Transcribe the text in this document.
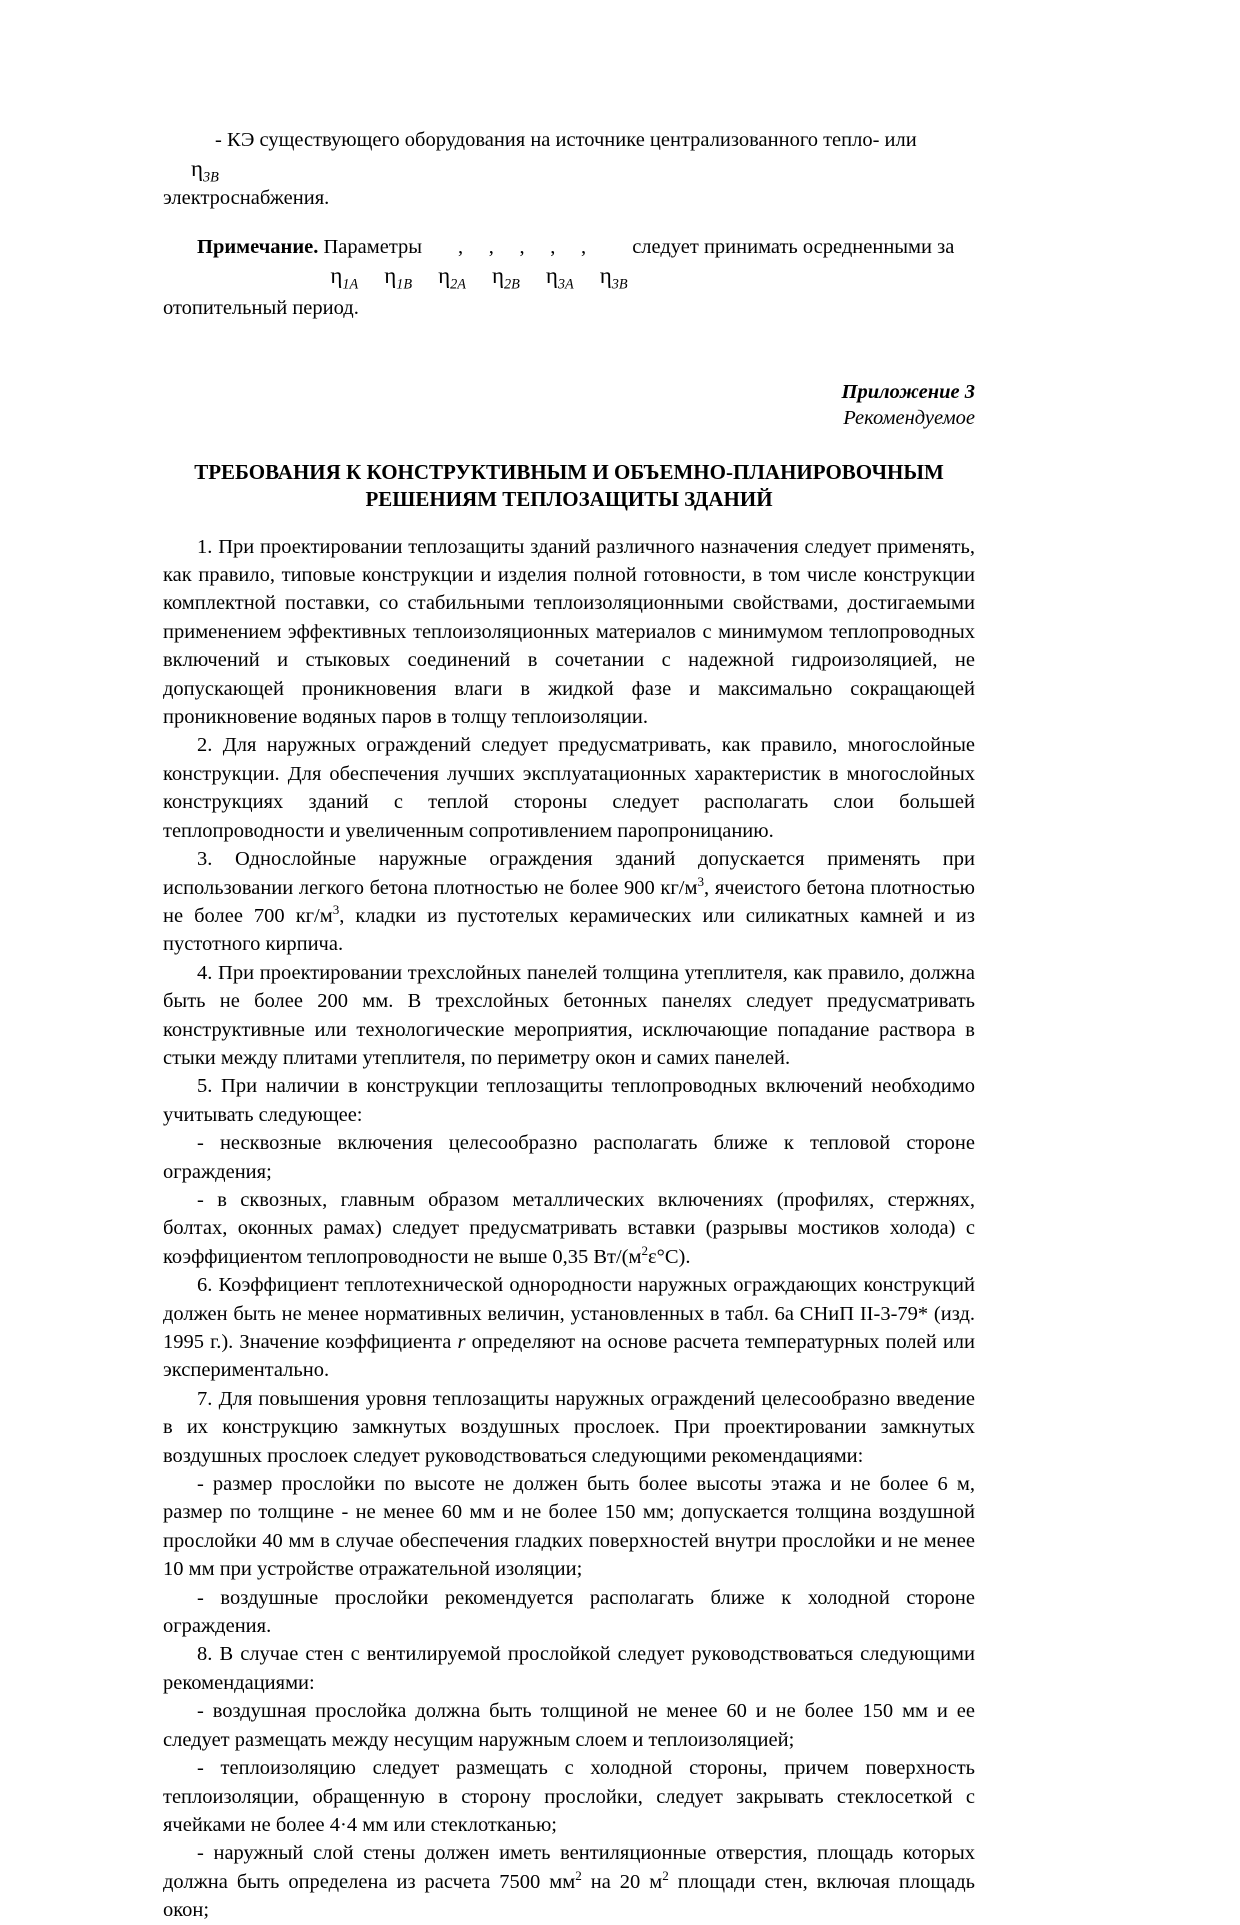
- КЭ существующего оборудования на источнике централизованного тепло- или

$\eta_{3В}$

электроснабжения.

Примечание. Параметры       ,     ,     ,     ,     ,         следует принимать осредненными за

$\eta_{1А}$ $\eta_{1В}$ $\eta_{2А}$ $\eta_{2В}$ $\eta_{3А}$ $\eta_{3В}$

отопительный период.

Приложение 3

Рекомендуемое

ТРЕБОВАНИЯ К КОНСТРУКТИВНЫМ И ОБЪЕМНО-ПЛАНИРОВОЧНЫМ

РЕШЕНИЯМ ТЕПЛОЗАЩИТЫ ЗДАНИЙ

1. При проектировании теплозащиты зданий различного назначения следует применять, как правило, типовые конструкции и изделия полной готовности, в том числе конструкции комплектной поставки, со стабильными теплоизоляционными свойствами, достигаемыми применением эффективных теплоизоляционных материалов с минимумом теплопроводных включений и стыковых соединений в сочетании с надежной гидроизоляцией, не допускающей проникновения влаги в жидкой фазе и максимально сокращающей проникновение водяных паров в толщу теплоизоляции.

2. Для наружных ограждений следует предусматривать, как правило, многослойные конструкции. Для обеспечения лучших эксплуатационных характеристик в многослойных конструкциях зданий с теплой стороны следует располагать слои большей теплопроводности и увеличенным сопротивлением паропроницанию.

3. Однослойные наружные ограждения зданий допускается применять при использовании легкого бетона плотностью не более 900 $кг/м^3$, ячеистого бетона плотностью не более 700 $кг/м^3$, кладки из пустотелых керамических или силикатных камней и из пустотного кирпича.

4. При проектировании трехслойных панелей толщина утеплителя, как правило, должна быть не более 200 мм. В трехслойных бетонных панелях следует предусматривать конструктивные или технологические мероприятия, исключающие попадание раствора в стыки между плитами утеплителя, по периметру окон и самих панелей.

5. При наличии в конструкции теплозащиты теплопроводных включений необходимо учитывать следующее:

- несквозные включения целесообразно располагать ближе к тепловой стороне ограждения;

- в сквозных, главным образом металлических включениях (профилях, стержнях, болтах, оконных рамах) следует предусматривать вставки (разрывы мостиков холода) с коэффициентом теплопроводности не выше 0,35 $Вт/(м^2\varepsilon^\circ С)$.

6. Коэффициент теплотехнической однородности наружных ограждающих конструкций должен быть не менее нормативных величин, установленных в табл. 6а СНиП II-3-79* (изд. 1995 г.). Значение коэффициента r определяют на основе расчета температурных полей или экспериментально.

7. Для повышения уровня теплозащиты наружных ограждений целесообразно введение в их конструкцию замкнутых воздушных прослоек. При проектировании замкнутых воздушных прослоек следует руководствоваться следующими рекомендациями:

- размер прослойки по высоте не должен быть более высоты этажа и не более 6 м, размер по толщине - не менее 60 мм и не более 150 мм; допускается толщина воздушной прослойки 40 мм в случае обеспечения гладких поверхностей внутри прослойки и не менее 10 мм при устройстве отражательной изоляции;

- воздушные прослойки рекомендуется располагать ближе к холодной стороне ограждения.

8. В случае стен с вентилируемой прослойкой следует руководствоваться следующими рекомендациями:

- воздушная прослойка должна быть толщиной не менее 60 и не более 150 мм и ее следует размещать между несущим наружным слоем и теплоизоляцией;

- теплоизоляцию следует размещать с холодной стороны, причем поверхность теплоизоляции, обращенную в сторону прослойки, следует закрывать стеклосеткой с ячейками не более 4·4 мм или стеклотканью;

- наружный слой стены должен иметь вентиляционные отверстия, площадь которых должна быть определена из расчета 7500 $мм^2$ на 20 $м^2$ площади стен, включая площадь окон;
